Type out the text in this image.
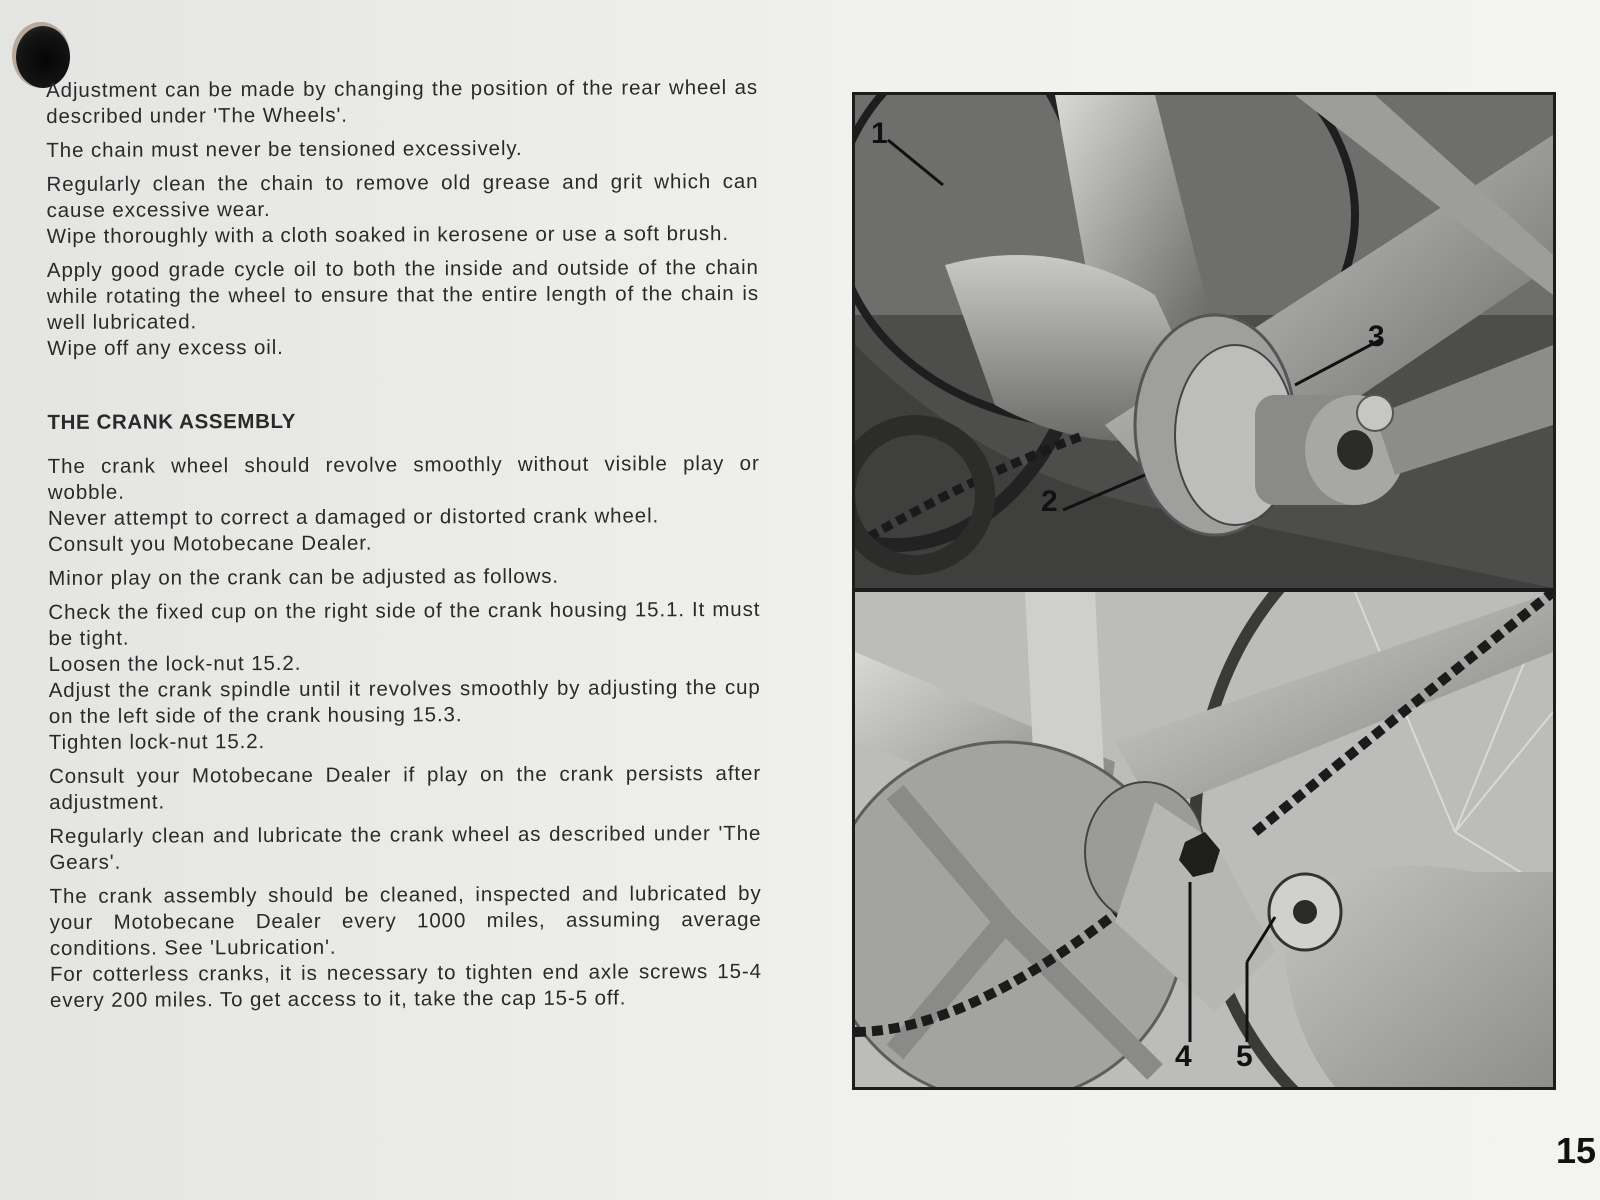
Adjustment can be made by changing the position of the rear wheel as described under 'The Wheels'.

The chain must never be tensioned excessively.

Regularly clean the chain to remove old grease and grit which can cause excessive wear.

Wipe thoroughly with a cloth soaked in kerosene or use a soft brush.

Apply good grade cycle oil to both the inside and outside of the chain while rotating the wheel to ensure that the entire length of the chain is well lubricated.

Wipe off any excess oil.

THE CRANK ASSEMBLY

The crank wheel should revolve smoothly without visible play or wobble.

Never attempt to correct a damaged or distorted crank wheel.

Consult you Motobecane Dealer.

Minor play on the crank can be adjusted as follows.

Check the fixed cup on the right side of the crank housing 15.1. It must be tight.

Loosen the lock-nut 15.2.

Adjust the crank spindle until it revolves smoothly by adjusting the cup on the left side of the crank housing 15.3.

Tighten lock-nut 15.2.

Consult your Motobecane Dealer if play on the crank persists after adjustment.

Regularly clean and lubricate the crank wheel as described under 'The Gears'.

The crank assembly should be cleaned, inspected and lubricated by your Motobecane Dealer every 1000 miles, assuming average conditions. See 'Lubrication'.

For cotterless cranks, it is necessary to tighten end axle screws 15-4 every 200 miles. To get access to it, take the cap 15-5 off.

1
2
3
4 5
15
